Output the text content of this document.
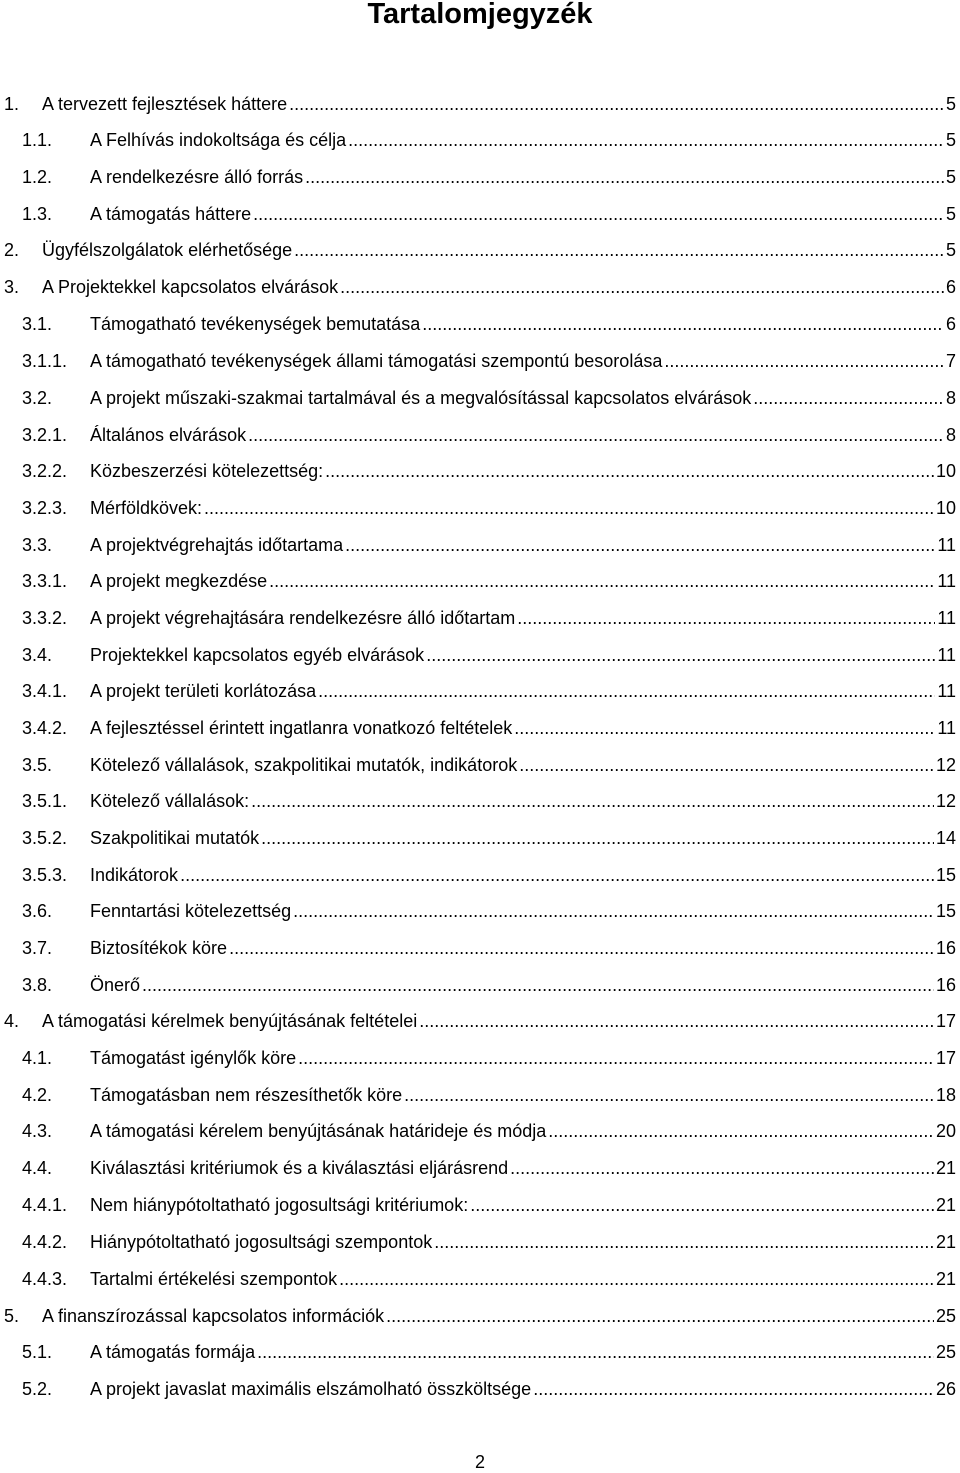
Tartalomjegyzék
1.	A tervezett fejlesztések háttere .....	5
1.1.	A Felhívás indokoltsága és célja .....	5
1.2.	A rendelkezésre álló forrás .....	5
1.3.	A támogatás háttere .....	5
2.	Ügyfélszolgálatok elérhetősége .....	5
3.	A Projektekkel kapcsolatos elvárások .....	6
3.1.	Támogatható tevékenységek bemutatása .....	6
3.1.1.	A támogatható tevékenységek állami támogatási szempontú besorolása .....	7
3.2.	A projekt műszaki-szakmai tartalmával és a megvalósítással kapcsolatos elvárások .....	8
3.2.1.	Általános elvárások .....	8
3.2.2.	Közbeszerzési kötelezettség: .....	10
3.2.3.	Mérföldkövek: .....	10
3.3.	A projektvégrehajtás időtartama .....	11
3.3.1.	A projekt megkezdése .....	11
3.3.2.	A projekt végrehajtására rendelkezésre álló időtartam .....	11
3.4.	Projektekkel kapcsolatos egyéb elvárások .....	11
3.4.1.	A projekt területi korlátozása .....	11
3.4.2.	A fejlesztéssel érintett ingatlanra vonatkozó feltételek .....	11
3.5.	Kötelező vállalások, szakpolitikai mutatók, indikátorok .....	12
3.5.1.	Kötelező vállalások: .....	12
3.5.2.	Szakpolitikai mutatók .....	14
3.5.3.	Indikátorok .....	15
3.6.	Fenntartási kötelezettség .....	15
3.7.	Biztosítékok köre .....	16
3.8.	Önerő .....	16
4.	A támogatási kérelmek benyújtásának feltételei .....	17
4.1.	Támogatást igénylők köre .....	17
4.2.	Támogatásban nem részesíthetők köre .....	18
4.3.	A támogatási kérelem benyújtásának határideje és módja .....	20
4.4.	Kiválasztási kritériumok és a kiválasztási eljárásrend .....	21
4.4.1.	Nem hiánypótoltatható jogosultsági kritériumok: .....	21
4.4.2.	Hiánypótoltatható jogosultsági szempontok .....	21
4.4.3.	Tartalmi értékelési szempontok .....	21
5.	A finanszírozással kapcsolatos információk .....	25
5.1.	A támogatás formája .....	25
5.2.	A projekt javaslat maximális elszámolható összköltsége .....	26
2
